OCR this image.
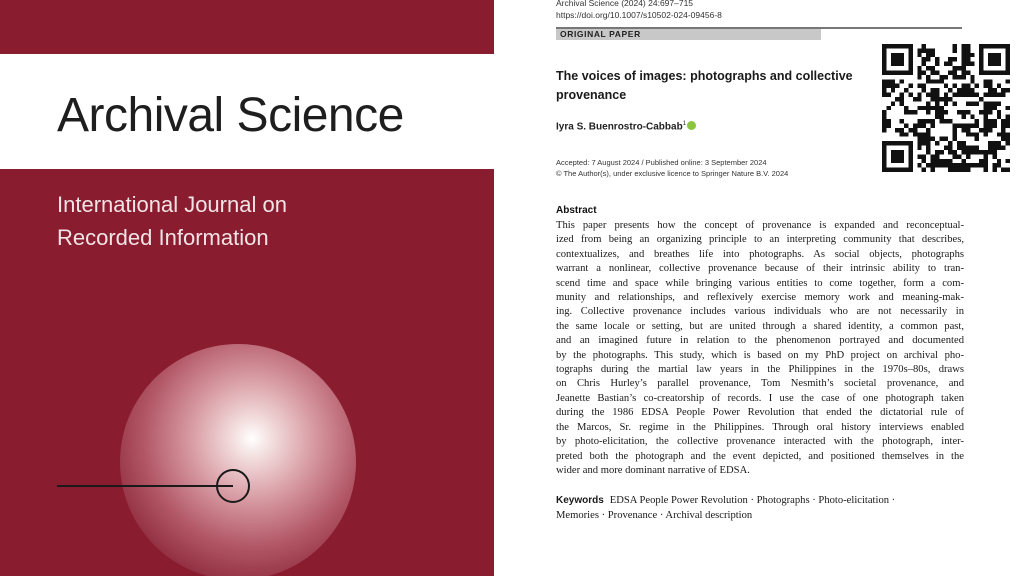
Archival Science
International Journal on
Recorded Information
Archival Science (2024) 24:697–715
https://doi.org/10.1007/s10502-024-09456-8
ORIGINAL PAPER
The voices of images: photographs and collective provenance
Iyra S. Buenrostro-Cabbab$^1$
Accepted: 7 August 2024 / Published online: 3 September 2024
© The Author(s), under exclusive licence to Springer Nature B.V. 2024
Abstract
This paper presents how the concept of provenance is expanded and reconceptual-
ized from being an organizing principle to an interpreting community that describes,
contextualizes, and breathes life into photographs. As social objects, photographs
warrant a nonlinear, collective provenance because of their intrinsic ability to tran-
scend time and space while bringing various entities to come together, form a com-
munity and relationships, and reflexively exercise memory work and meaning-mak-
ing. Collective provenance includes various individuals who are not necessarily in
the same locale or setting, but are united through a shared identity, a common past,
and an imagined future in relation to the phenomenon portrayed and documented
by the photographs. This study, which is based on my PhD project on archival pho-
tographs during the martial law years in the Philippines in the 1970s–80s, draws
on Chris Hurley’s parallel provenance, Tom Nesmith’s societal provenance, and
Jeanette Bastian’s co-creatorship of records. I use the case of one photograph taken
during the 1986 EDSA People Power Revolution that ended the dictatorial rule of
the Marcos, Sr. regime in the Philippines. Through oral history interviews enabled
by photo-elicitation, the collective provenance interacted with the photograph, inter-
preted both the photograph and the event depicted, and positioned themselves in the
wider and more dominant narrative of EDSA.
Keywords EDSA People Power Revolution · Photographs · Photo-elicitation ·
Memories · Provenance · Archival description
